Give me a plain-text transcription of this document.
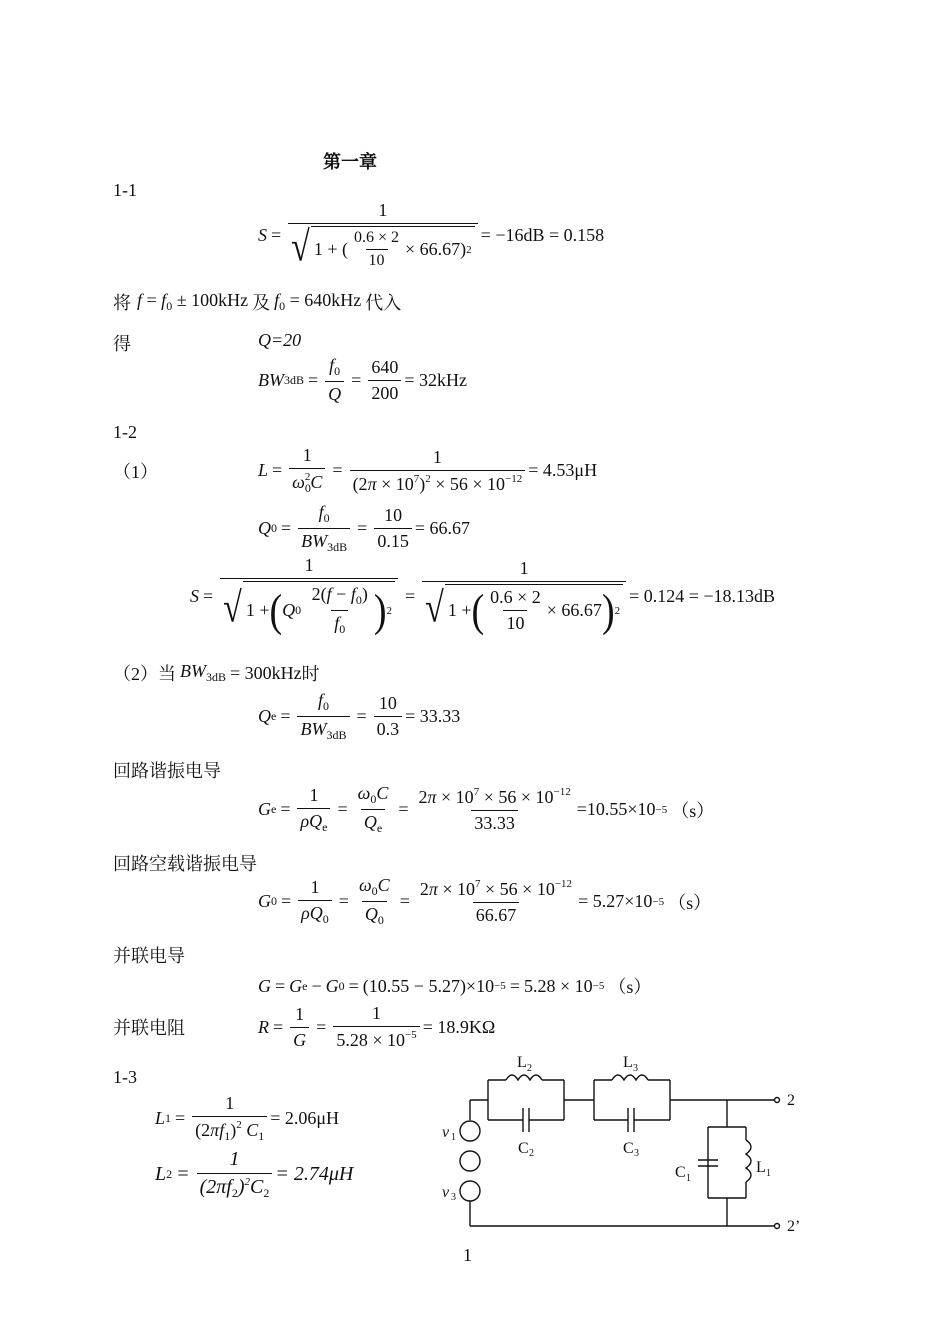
第一章
1-1
$S = \frac{1}{√ 1 + ( \frac{0.6 \times 2}{10} \times 66.67) 2} = -16dB = 0.158$
将 $f = f_0 \pm 100kHz$ 及 $f_0 = 640kHz$ 代入
得	Q=20
BW $3dB = \frac{f_0}{Q} = \frac{640}{200} = 32kHz$
1-2
（1）	$L = \frac{1}{\omega_0^2C} = \frac{1}{(2\pi \times 10^7)^2 \times 56 \times 10^{-12}} = 4.53\mu H$
Q $0 = \frac{f_0}{BW_{3dB}} = \frac{10}{0.15} = 66.67$
S = 1
√ 1 + ( Q 0
$\frac{2(f - f_0)}{f_0}$ ) $2 = \frac{1}{√ 1 + ( \frac{0.6 \times 2}{10} \times 66.67 ) 2} = 0.124 = -18.13dB$
（2）当 $BW_{3dB} = 300kHz$ 时
Q $e = \frac{f_0}{BW_{3dB}} = \frac{10}{0.3} = 33.33$
回路谐振电导
G $e = \frac{1}{\rho Q_e} = \frac{\omega_0C}{Q_e} = \frac{2\pi \times 10^7 \times 56 \times 10^{-12}}{33.33} =10.55\times 10 -5$ （s）
回路空载谐振电导
G $0 = \frac{1}{\rho Q_0} = \frac{\omega_0C}{Q_0} = \frac{2\pi \times 10^7 \times 56 \times 10^{-12}}{66.67} = 5.27\times 10 -5$ （s）
并联电导
G = G e − G 0 = (10.55 − 5.27)×10 −5 = 5.28 × 10 −5 （s）
并联电阻	$R = \frac{1}{G} = \frac{1}{5.28 \times 10^{-5}} = 18.9K\Omega$
1-3
L $1 = \frac{1}{(2\pi f_1)^2 C_1} = 2.06\mu H$
L $2 = \frac{1}{(2\pi f_2)^2C_2} = 2.74\mu H$
L 2	L 3
C 2	C 3
C 1
L 1
v 1
v 3
2
2’
1
